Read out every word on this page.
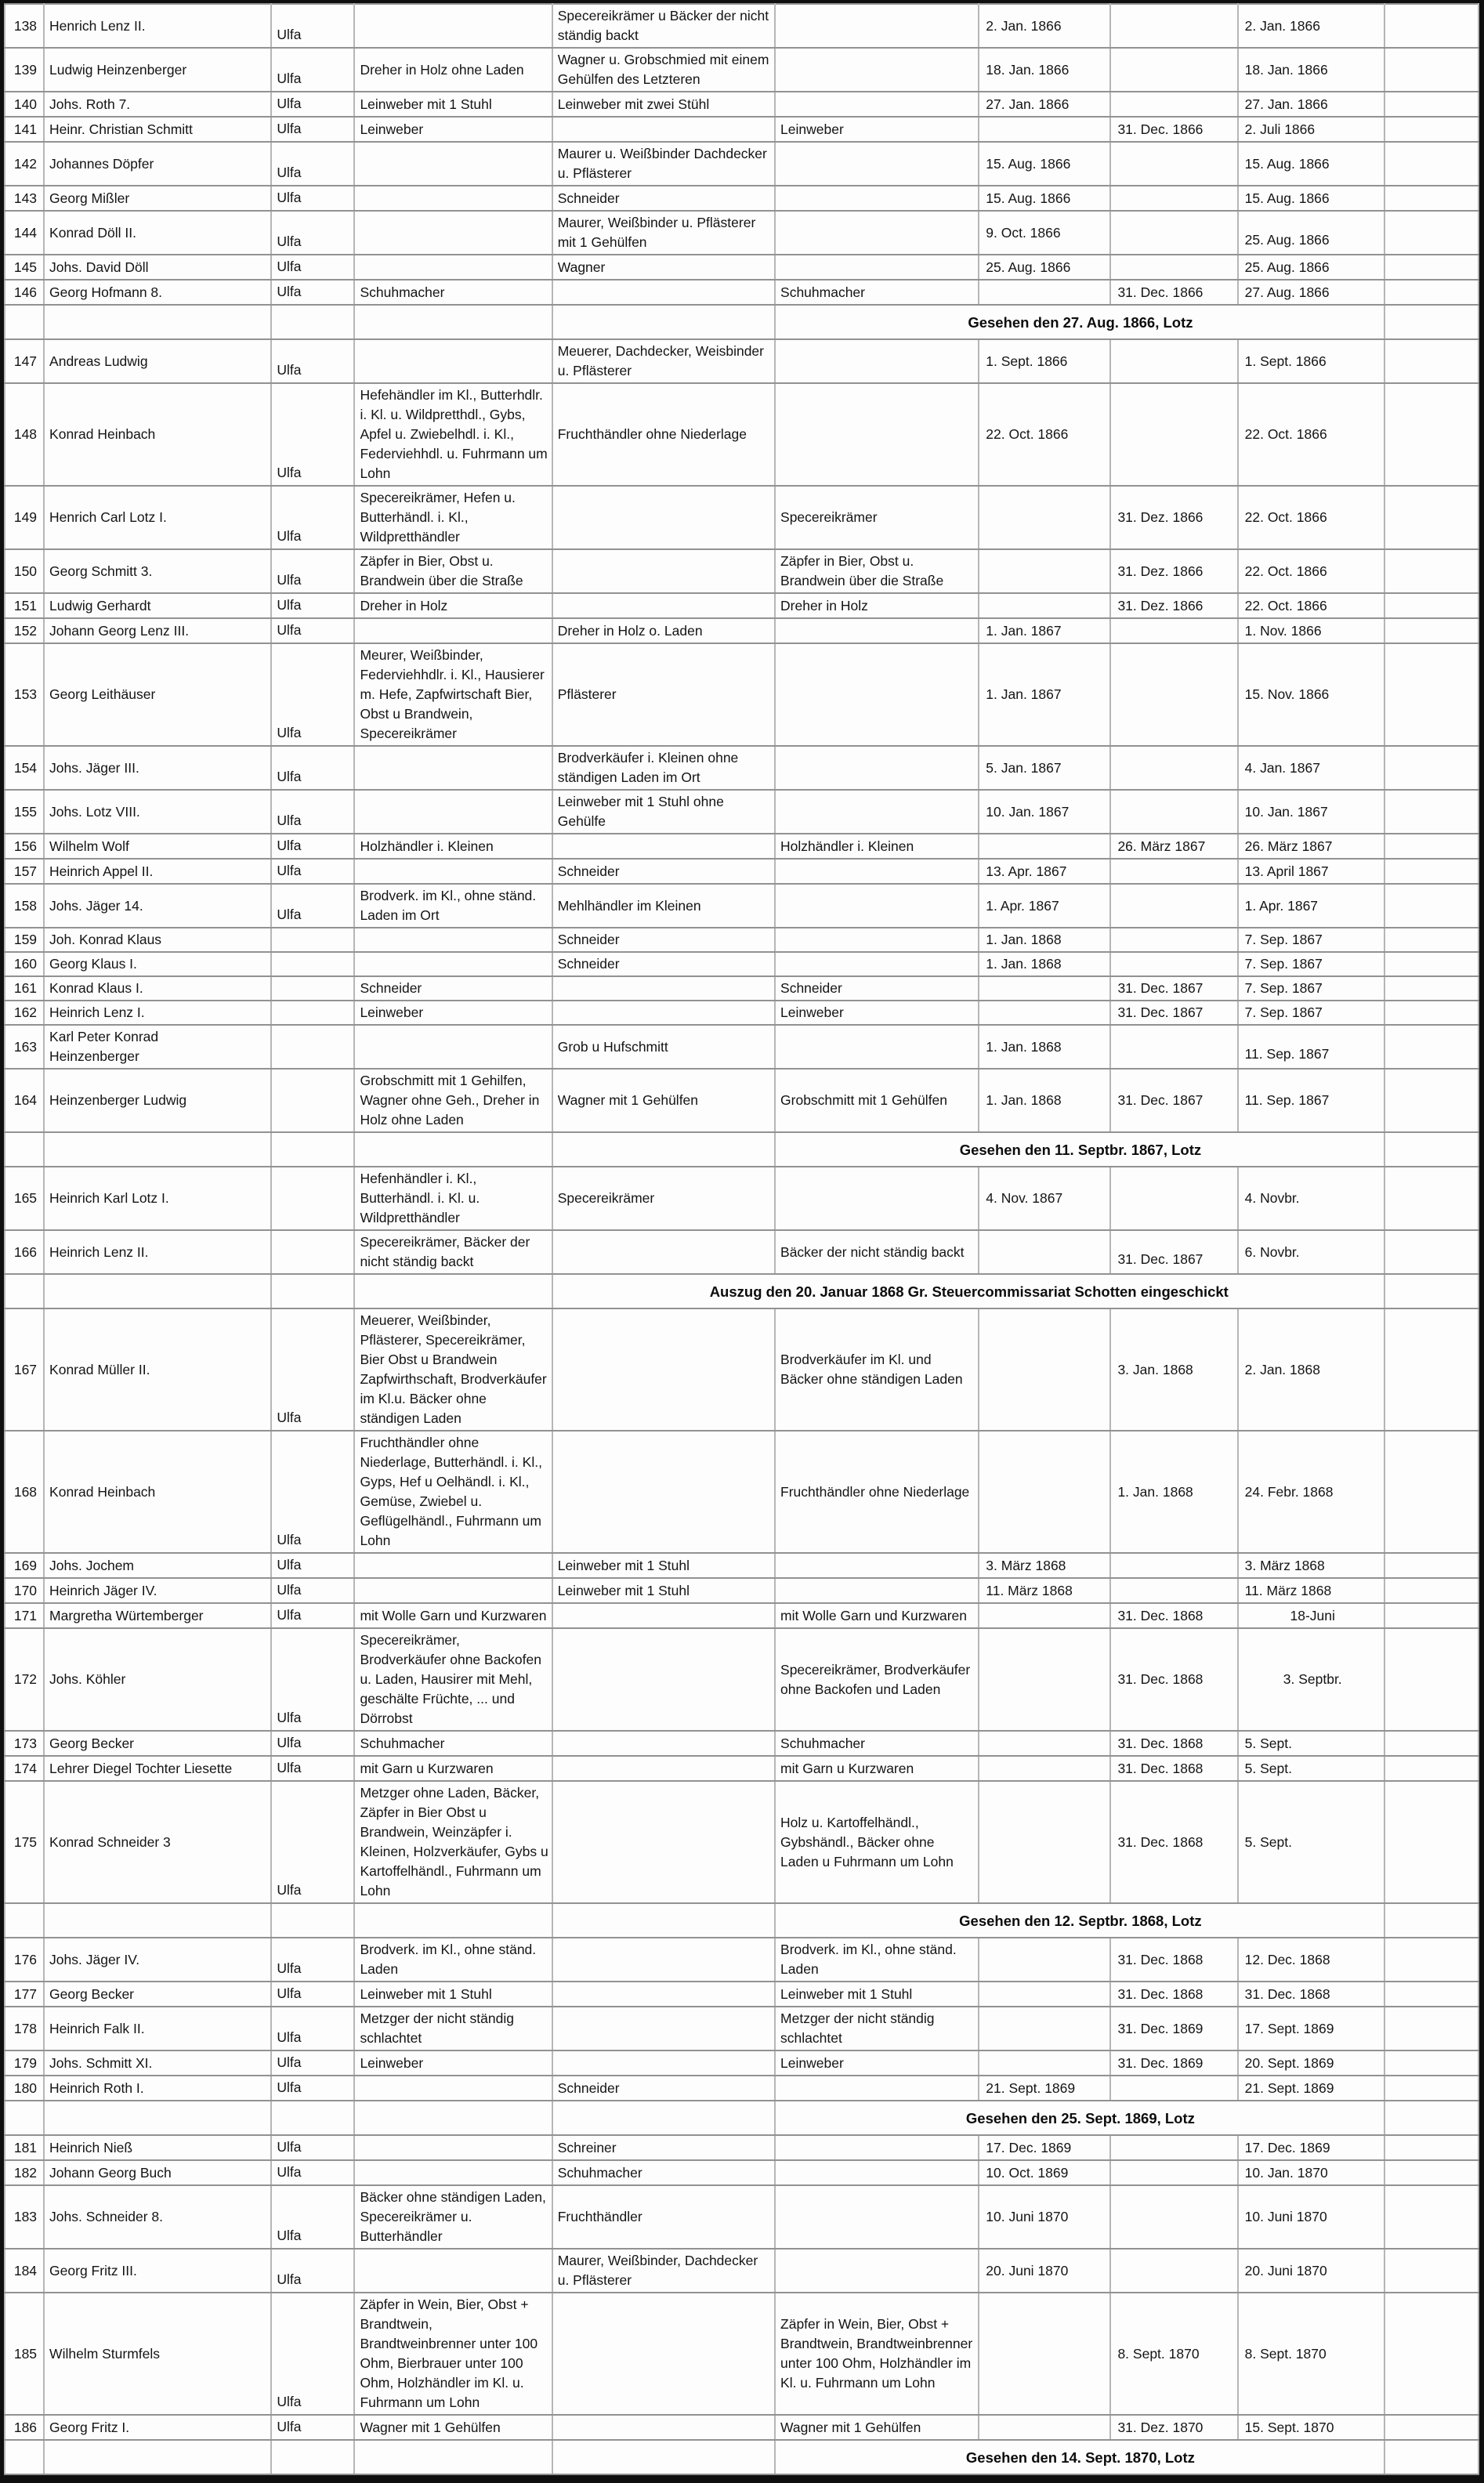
138	Henrich Lenz II.	Ulfa		Specereikrämer u Bäcker der nicht ständig backt		2. Jan. 1866		2. Jan. 1866	
139	Ludwig Heinzenberger	Ulfa	Dreher in Holz ohne Laden	Wagner u. Grobschmied mit einem Gehülfen des Letzteren		18. Jan. 1866		18. Jan. 1866	
140	Johs. Roth 7.	Ulfa	Leinweber mit 1 Stuhl	Leinweber mit zwei Stühl		27. Jan. 1866		27. Jan. 1866	
141	Heinr. Christian Schmitt	Ulfa	Leinweber		Leinweber		31. Dec. 1866	2. Juli 1866	
142	Johannes Döpfer	Ulfa		Maurer u. Weißbinder Dachdecker u. Pflästerer		15. Aug. 1866		15. Aug. 1866	
143	Georg Mißler	Ulfa		Schneider		15. Aug. 1866		15. Aug. 1866	
144	Konrad Döll II.	Ulfa		Maurer, Weißbinder u. Pflästerer mit 1 Gehülfen		9. Oct. 1866		25. Aug. 1866	
145	Johs. David Döll	Ulfa		Wagner		25. Aug. 1866		25. Aug. 1866	
146	Georg Hofmann 8.	Ulfa	Schuhmacher		Schuhmacher		31. Dec. 1866	27. Aug. 1866	
					Gesehen den 27. Aug. 1866, Lotz				
147	Andreas Ludwig	Ulfa		Meuerer, Dachdecker, Weisbinder u. Pflästerer		1. Sept. 1866		1. Sept. 1866	
148	Konrad Heinbach	Ulfa	Hefehändler im Kl., Butterhdlr. i. Kl. u. Wildpretthdl., Gybs, Apfel u. Zwiebelhdl. i. Kl., Federviehhdl. u. Fuhrmann um Lohn	Fruchthändler ohne Niederlage		22. Oct. 1866		22. Oct. 1866	
149	Henrich Carl Lotz I.	Ulfa	Specereikrämer, Hefen u. Butterhändl. i. Kl., Wildpretthändler		Specereikrämer		31. Dez. 1866	22. Oct. 1866	
150	Georg Schmitt 3.	Ulfa	Zäpfer in Bier, Obst u. Brandwein über die Straße		Zäpfer in Bier, Obst u. Brandwein über die Straße		31. Dez. 1866	22. Oct. 1866	
151	Ludwig Gerhardt	Ulfa	Dreher in Holz		Dreher in Holz		31. Dez. 1866	22. Oct. 1866	
152	Johann Georg Lenz III.	Ulfa		Dreher in Holz o. Laden		1. Jan. 1867		1. Nov. 1866	
153	Georg Leithäuser	Ulfa	Meurer, Weißbinder, Federviehhdlr. i. Kl., Hausierer m. Hefe, Zapfwirtschaft Bier, Obst u Brandwein, Specereikrämer	Pflästerer		1. Jan. 1867		15. Nov. 1866	
154	Johs. Jäger III.	Ulfa		Brodverkäufer i. Kleinen ohne ständigen Laden im Ort		5. Jan. 1867		4. Jan. 1867	
155	Johs. Lotz VIII.	Ulfa		Leinweber mit 1 Stuhl ohne Gehülfe		10. Jan. 1867		10. Jan. 1867	
156	Wilhelm Wolf	Ulfa	Holzhändler i. Kleinen		Holzhändler i. Kleinen		26. März 1867	26. März 1867	
157	Heinrich Appel II.	Ulfa		Schneider		13. Apr. 1867		13. April 1867	
158	Johs. Jäger 14.	Ulfa	Brodverk. im Kl., ohne ständ. Laden im Ort	Mehlhändler im Kleinen		1. Apr. 1867		1. Apr. 1867	
159	Joh. Konrad Klaus			Schneider		1. Jan. 1868		7. Sep. 1867	
160	Georg Klaus I.			Schneider		1. Jan. 1868		7. Sep. 1867	
161	Konrad Klaus I.		Schneider		Schneider		31. Dec. 1867	7. Sep. 1867	
162	Heinrich Lenz I.		Leinweber		Leinweber		31. Dec. 1867	7. Sep. 1867	
163	Karl Peter Konrad Heinzenberger			Grob u Hufschmitt		1. Jan. 1868		11. Sep. 1867	
164	Heinzenberger Ludwig		Grobschmitt mit 1 Gehilfen, Wagner ohne Geh., Dreher in Holz ohne Laden	Wagner mit 1 Gehülfen	Grobschmitt mit 1 Gehülfen	1. Jan. 1868	31. Dec. 1867	11. Sep. 1867	
					Gesehen den 11. Septbr. 1867, Lotz				
165	Heinrich Karl Lotz I.		Hefenhändler i. Kl., Butterhändl. i. Kl. u. Wildpretthändler	Specereikrämer		4. Nov. 1867		4. Novbr.	
166	Heinrich Lenz II.		Specereikrämer, Bäcker der nicht ständig backt		Bäcker der nicht ständig backt		31. Dec. 1867	6. Novbr.	
				Auszug den 20. Januar 1868 Gr. Steuercommissariat Schotten eingeschickt					
167	Konrad Müller II.	Ulfa	Meuerer, Weißbinder, Pflästerer, Specereikrämer, Bier Obst u Brandwein Zapfwirthschaft, Brodverkäufer im Kl.u. Bäcker ohne ständigen Laden		Brodverkäufer im Kl. und Bäcker ohne ständigen Laden		3. Jan. 1868	2. Jan. 1868	
168	Konrad Heinbach	Ulfa	Fruchthändler ohne Niederlage, Butterhändl. i. Kl., Gyps, Hef u Oelhändl. i. Kl., Gemüse, Zwiebel u. Geflügelhändl., Fuhrmann um Lohn		Fruchthändler ohne Niederlage		1. Jan. 1868	24. Febr. 1868	
169	Johs. Jochem	Ulfa		Leinweber mit 1 Stuhl		3. März 1868		3. März 1868	
170	Heinrich Jäger IV.	Ulfa		Leinweber mit 1 Stuhl		11. März 1868		11. März 1868	
171	Margretha Würtemberger	Ulfa	mit Wolle Garn und Kurzwaren		mit Wolle Garn und Kurzwaren		31. Dec. 1868	18-Juni	
172	Johs. Köhler	Ulfa	Specereikrämer, Brodverkäufer ohne Backofen u. Laden, Hausirer mit Mehl, geschälte Früchte, ... und Dörrobst		Specereikrämer, Brodverkäufer ohne Backofen und Laden		31. Dec. 1868	3. Septbr.	
173	Georg Becker	Ulfa	Schuhmacher		Schuhmacher		31. Dec. 1868	5. Sept.	
174	Lehrer Diegel Tochter Liesette	Ulfa	mit Garn u Kurzwaren		mit Garn u Kurzwaren		31. Dec. 1868	5. Sept.	
175	Konrad Schneider 3	Ulfa	Metzger ohne Laden, Bäcker, Zäpfer in Bier Obst u Brandwein, Weinzäpfer i. Kleinen, Holzverkäufer, Gybs u Kartoffelhändl., Fuhrmann um Lohn		Holz u. Kartoffelhändl., Gybshändl., Bäcker ohne Laden u Fuhrmann um Lohn		31. Dec. 1868	5. Sept.	
					Gesehen den 12. Septbr. 1868, Lotz				
176	Johs. Jäger IV.	Ulfa	Brodverk. im Kl., ohne ständ. Laden		Brodverk. im Kl., ohne ständ. Laden		31. Dec. 1868	12. Dec. 1868	
177	Georg Becker	Ulfa	Leinweber mit 1 Stuhl		Leinweber mit 1 Stuhl		31. Dec. 1868	31. Dec. 1868	
178	Heinrich Falk II.	Ulfa	Metzger der nicht ständig schlachtet		Metzger der nicht ständig schlachtet		31. Dec. 1869	17. Sept. 1869	
179	Johs. Schmitt XI.	Ulfa	Leinweber		Leinweber		31. Dec. 1869	20. Sept. 1869	
180	Heinrich Roth I.	Ulfa		Schneider		21. Sept. 1869		21. Sept. 1869	
					Gesehen den 25. Sept. 1869, Lotz				
181	Heinrich Nieß	Ulfa		Schreiner		17. Dec. 1869		17. Dec. 1869	
182	Johann Georg Buch	Ulfa		Schuhmacher		10. Oct. 1869		10. Jan. 1870	
183	Johs. Schneider 8.	Ulfa	Bäcker ohne ständigen Laden, Specereikrämer u. Butterhändler	Fruchthändler		10. Juni 1870		10. Juni 1870	
184	Georg Fritz III.	Ulfa		Maurer, Weißbinder, Dachdecker u. Pflästerer		20. Juni 1870		20. Juni 1870	
185	Wilhelm Sturmfels	Ulfa	Zäpfer in Wein, Bier, Obst + Brandtwein, Brandtweinbrenner unter 100 Ohm, Bierbrauer unter 100 Ohm, Holzhändler im Kl. u. Fuhrmann um Lohn		Zäpfer in Wein, Bier, Obst + Brandtwein, Brandtweinbrenner unter 100 Ohm, Holzhändler im Kl. u. Fuhrmann um Lohn		8. Sept. 1870	8. Sept. 1870	
186	Georg Fritz I.	Ulfa	Wagner mit 1 Gehülfen		Wagner mit 1 Gehülfen		31. Dez. 1870	15. Sept. 1870	
					Gesehen den 14. Sept. 1870, Lotz				
